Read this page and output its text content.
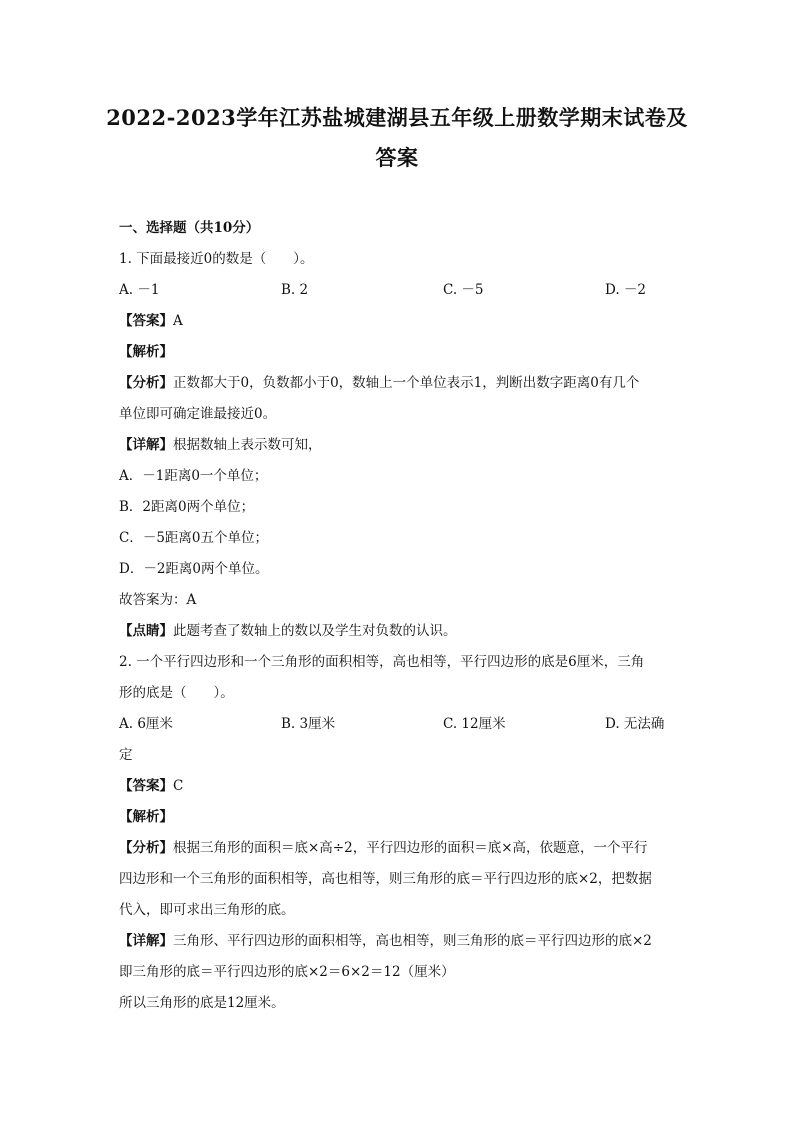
2022-2023学年江苏盐城建湖县五年级上册数学期末试卷及
答案
一、选择题（共10分）
1. 下面最接近0的数是（　　）。
A. －1	B. 2	C. －5	D. －2
【答案】A
【解析】
【分析】正数都大于0，负数都小于0，数轴上一个单位表示1，判断出数字距离0有几个
单位即可确定谁最接近0。
【详解】根据数轴上表示数可知，
A．－1距离0一个单位；
B．2距离0两个单位；
C．－5距离0五个单位；
D．－2距离0两个单位。
故答案为：A
【点睛】此题考查了数轴上的数以及学生对负数的认识。
2. 一个平行四边形和一个三角形的面积相等，高也相等，平行四边形的底是6厘米，三角
形的底是（　　）。
A. 6厘米	B. 3厘米	C. 12厘米	D. 无法确
定
【答案】C
【解析】
【分析】根据三角形的面积＝底×高÷2，平行四边形的面积＝底×高，依题意，一个平行
四边形和一个三角形的面积相等，高也相等，则三角形的底＝平行四边形的底×2，把数据
代入，即可求出三角形的底。
【详解】三角形、平行四边形的面积相等，高也相等，则三角形的底＝平行四边形的底×2
即三角形的底＝平行四边形的底×2＝6×2＝12（厘米）
所以三角形的底是12厘米。
